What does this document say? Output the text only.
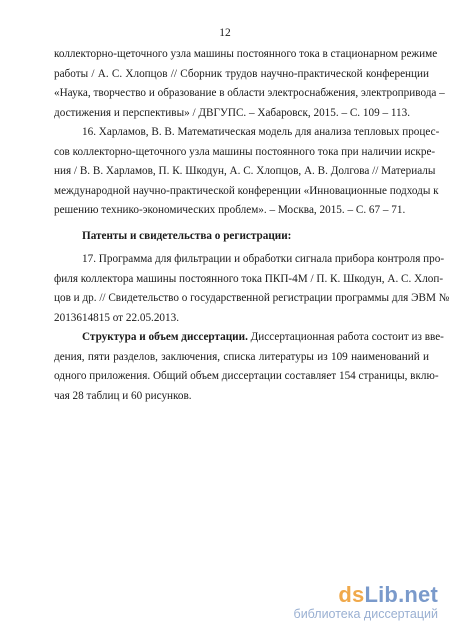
12

коллекторно-щеточного узла машины постоянного тока в стационарном режиме
работы / А. С. Хлопцов // Сборник трудов научно-практической конференции
«Наука, творчество и образование в области электроснабжения, электропривода –
достижения и перспективы» / ДВГУПС. – Хабаровск, 2015. – С. 109 – 113.

16. Харламов, В. В. Математическая модель для анализа тепловых процес-
сов коллекторно-щеточного узла машины постоянного тока при наличии искре-
ния / В. В. Харламов, П. К. Шкодун, А. С. Хлопцов, А. В. Долгова // Материалы
международной научно-практической конференции «Инновационные подходы к
решению технико-экономических проблем». – Москва, 2015. – С. 67 – 71.

Патенты и свидетельства о регистрации:

17. Программа для фильтрации и обработки сигнала прибора контроля про-
филя коллектора машины постоянного тока ПКП-4М / П. К. Шкодун, А. С. Хлоп-
цов и др. // Свидетельство о государственной регистрации программы для ЭВМ №
2013614815 от 22.05.2013.

Структура и объем диссертации. Диссертационная работа состоит из вве-
дения, пяти разделов, заключения, списка литературы из 109 наименований и
одного приложения. Общий объем диссертации составляет 154 страницы, вклю-
чая 28 таблиц и 60 рисунков.

dsLib.net
библиотека диссертаций
